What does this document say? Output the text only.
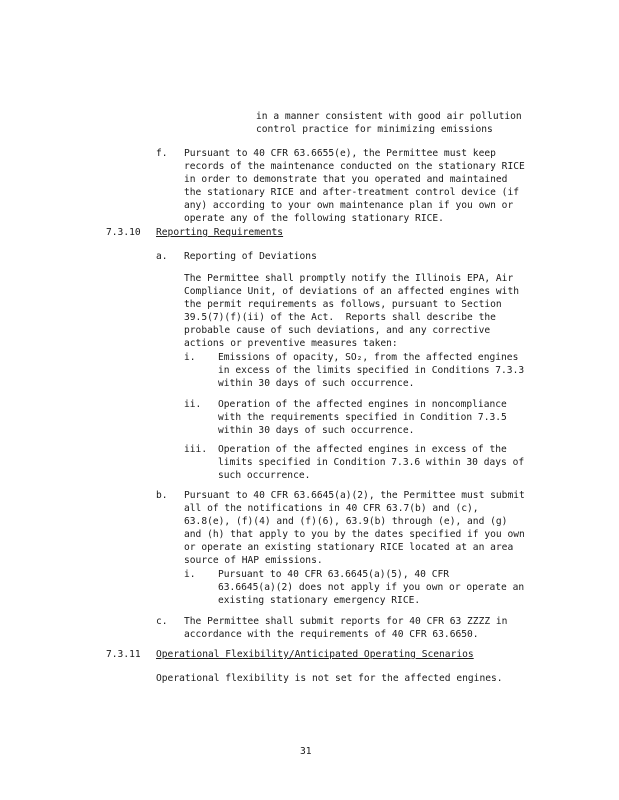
in a manner consistent with good air pollution
control practice for minimizing emissions
f. Pursuant to 40 CFR 63.6655(e), the Permittee must keep
records of the maintenance conducted on the stationary RICE
in order to demonstrate that you operated and maintained
the stationary RICE and after-treatment control device (if
any) according to your own maintenance plan if you own or
operate any of the following stationary RICE.
7.3.10 Reporting Requirements
a. Reporting of Deviations
The Permittee shall promptly notify the Illinois EPA, Air
Compliance Unit, of deviations of an affected engines with
the permit requirements as follows, pursuant to Section
39.5(7)(f)(ii) of the Act.  Reports shall describe the
probable cause of such deviations, and any corrective
actions or preventive measures taken:
i. Emissions of opacity, SO₂, from the affected engines
in excess of the limits specified in Conditions 7.3.3
within 30 days of such occurrence.
ii. Operation of the affected engines in noncompliance
with the requirements specified in Condition 7.3.5
within 30 days of such occurrence.
iii. Operation of the affected engines in excess of the
limits specified in Condition 7.3.6 within 30 days of
such occurrence.
b. Pursuant to 40 CFR 63.6645(a)(2), the Permittee must submit
all of the notifications in 40 CFR 63.7(b) and (c),
63.8(e), (f)(4) and (f)(6), 63.9(b) through (e), and (g)
and (h) that apply to you by the dates specified if you own
or operate an existing stationary RICE located at an area
source of HAP emissions.
i. Pursuant to 40 CFR 63.6645(a)(5), 40 CFR
63.6645(a)(2) does not apply if you own or operate an
existing stationary emergency RICE.
c. The Permittee shall submit reports for 40 CFR 63 ZZZZ in
accordance with the requirements of 40 CFR 63.6650.
7.3.11 Operational Flexibility/Anticipated Operating Scenarios
Operational flexibility is not set for the affected engines.
31
